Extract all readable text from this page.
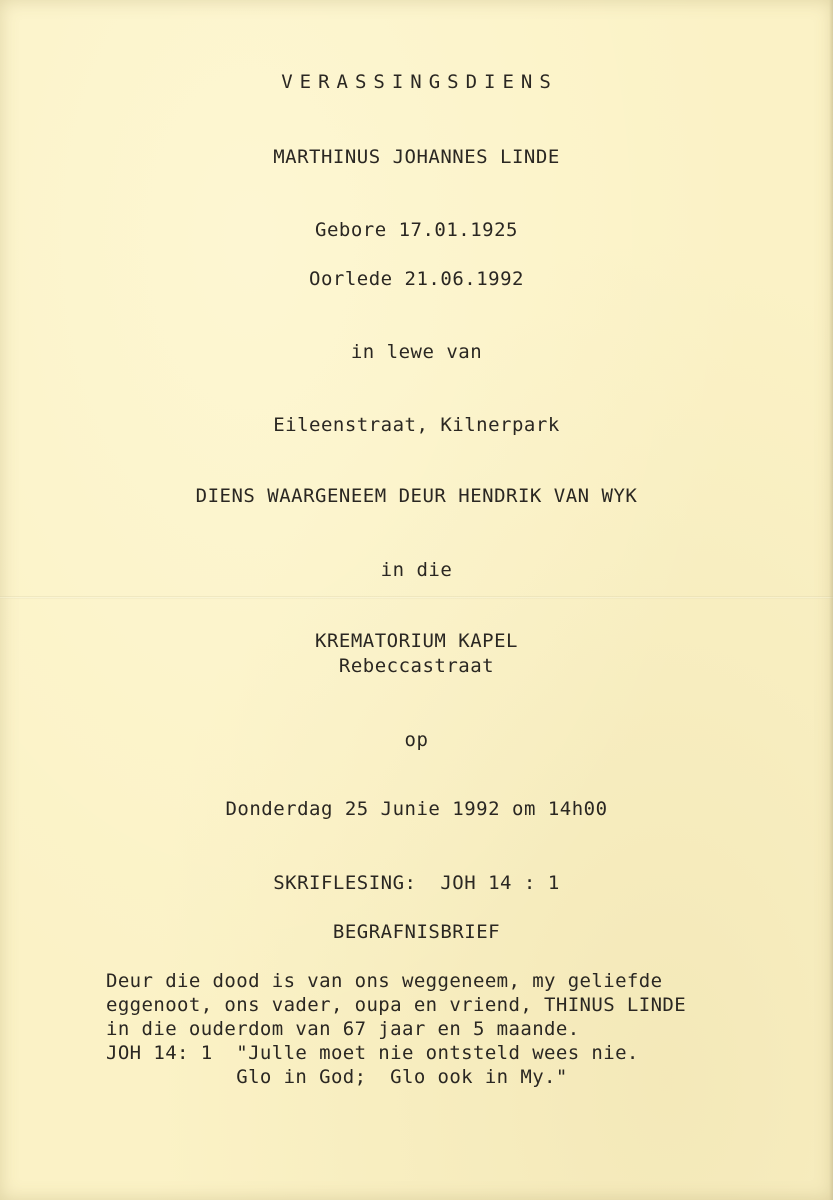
VERASSINGSDIENS
MARTHINUS JOHANNES LINDE
Gebore 17.01.1925
Oorlede 21.06.1992
in lewe van
Eileenstraat, Kilnerpark
DIENS WAARGENEEM DEUR HENDRIK VAN WYK
in die
KREMATORIUM KAPEL
Rebeccastraat
op
Donderdag 25 Junie 1992 om 14h00
SKRIFLESING:  JOH 14 : 1
BEGRAFNISBRIEF
Deur die dood is van ons weggeneem, my geliefde
eggenoot, ons vader, oupa en vriend, THINUS LINDE
in die ouderdom van 67 jaar en 5 maande.
JOH 14: 1  "Julle moet nie ontsteld wees nie.
Glo in God;  Glo ook in My."
